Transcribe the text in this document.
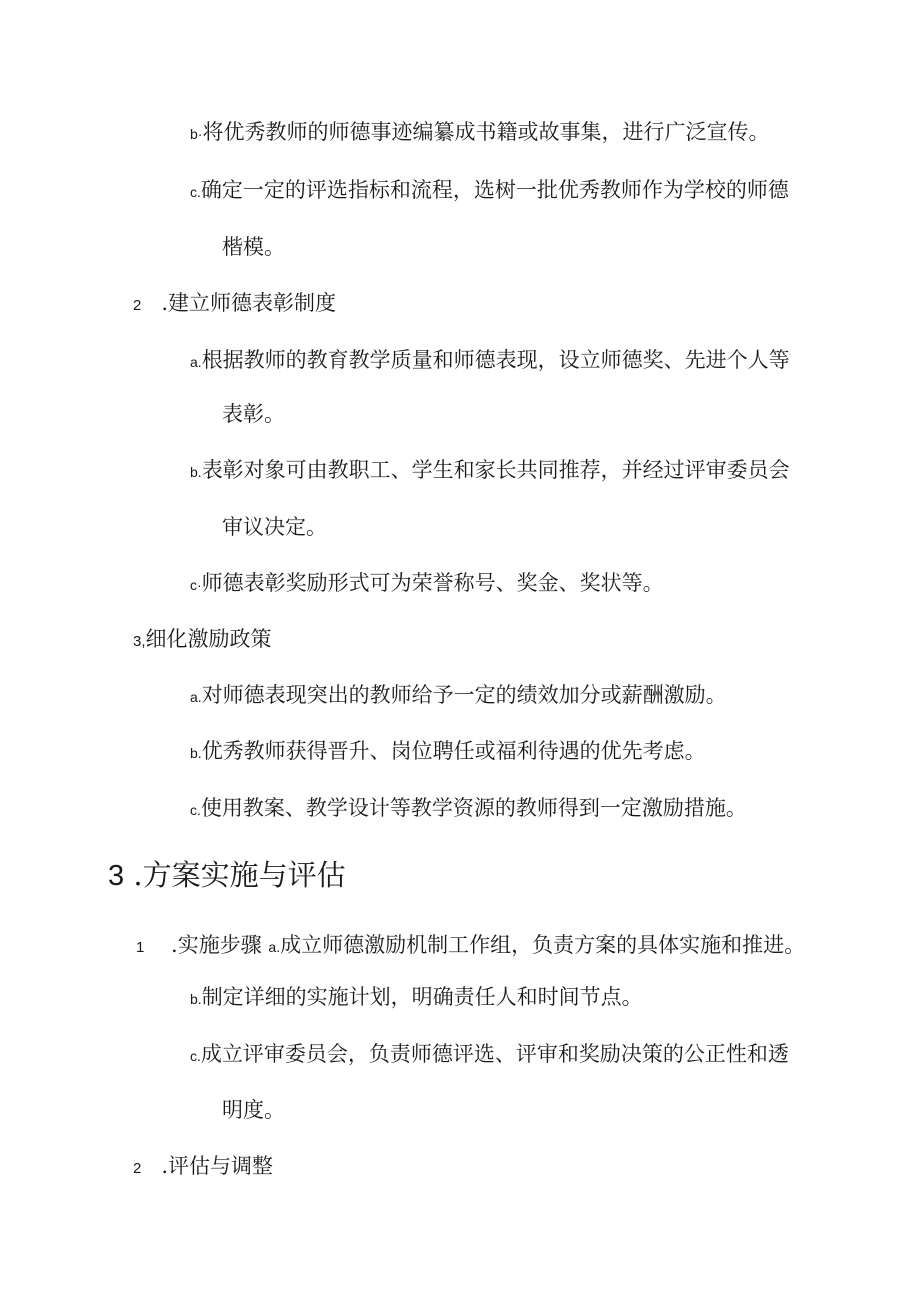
b·将优秀教师的师德事迹编纂成书籍或故事集，进行广泛宣传。
c.确定一定的评选指标和流程，选树一批优秀教师作为学校的师德
楷模。
2 .建立师德表彰制度
a.根据教师的教育教学质量和师德表现，设立师德奖、先进个人等
表彰。
b.表彰对象可由教职工、学生和家长共同推荐，并经过评审委员会
审议决定。
c·师德表彰奖励形式可为荣誉称号、奖金、奖状等。
3,细化激励政策
a.对师德表现突出的教师给予一定的绩效加分或薪酬激励。
b.优秀教师获得晋升、岗位聘任或福利待遇的优先考虑。
c.使用教案、教学设计等教学资源的教师得到一定激励措施。
3 .方案实施与评估
1 .实施步骤 a.成立师德激励机制工作组，负责方案的具体实施和推进。
b.制定详细的实施计划，明确责任人和时间节点。
c.成立评审委员会，负责师德评选、评审和奖励决策的公正性和透
明度。
2 .评估与调整
